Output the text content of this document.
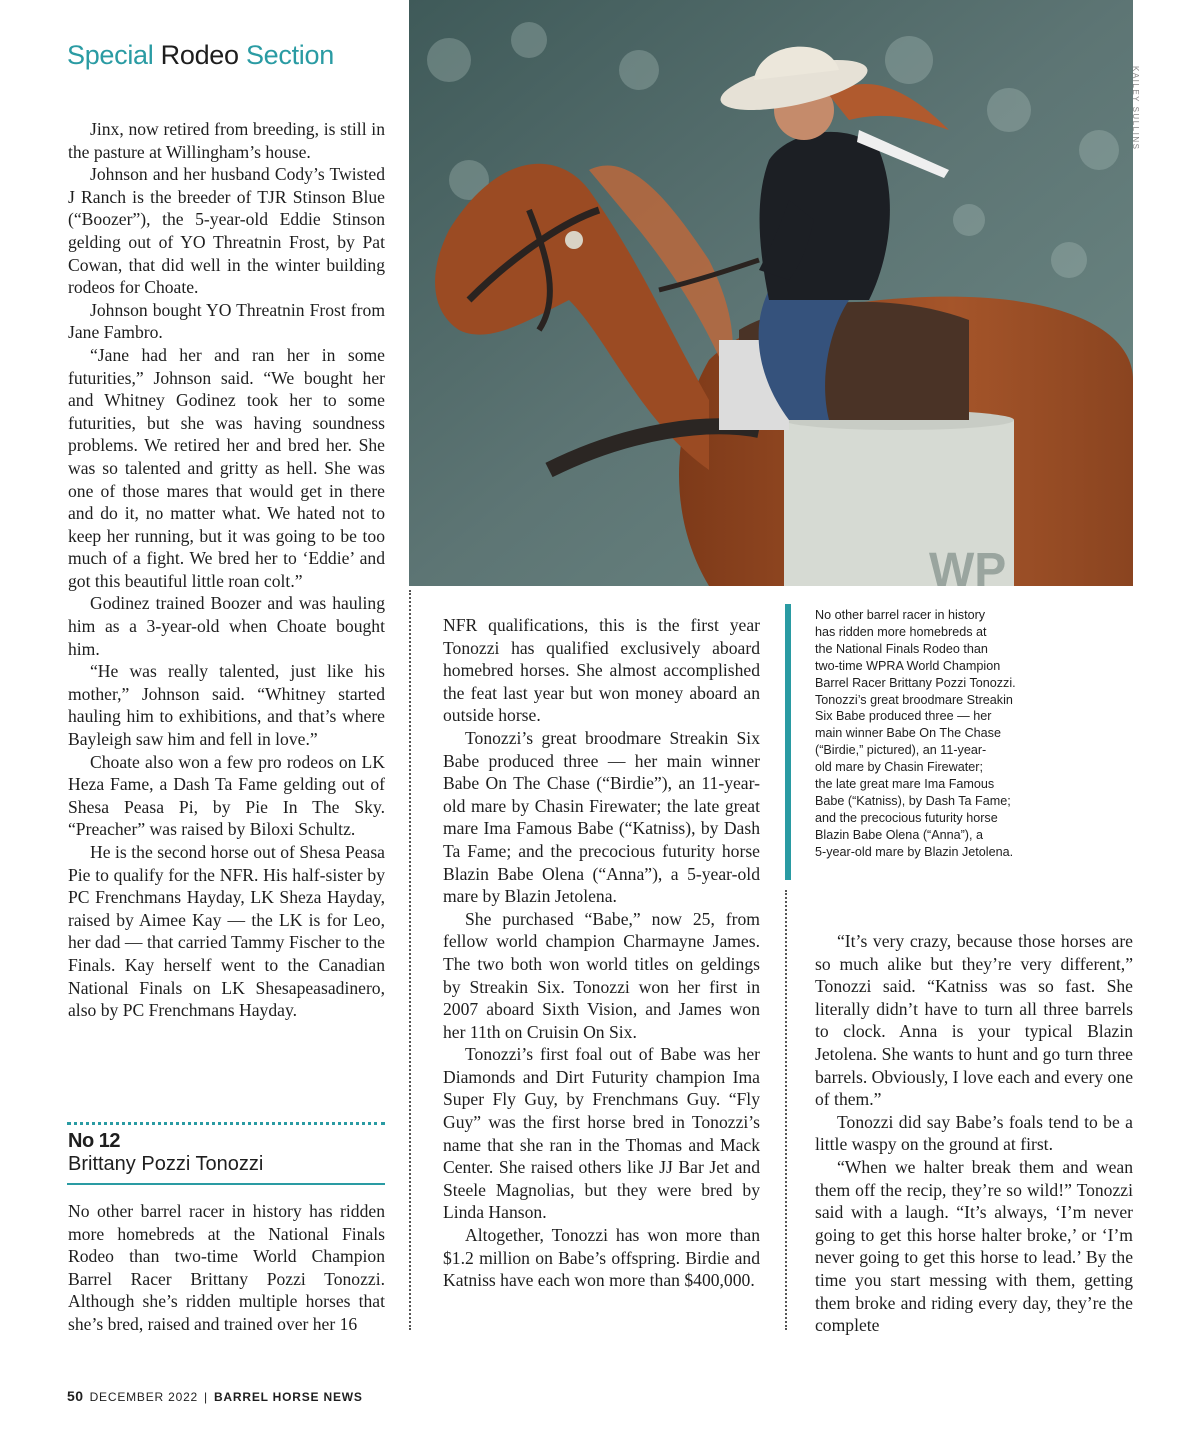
Special Rodeo Section

Jinx, now retired from breeding, is still in the pasture at Willingham’s house.

Johnson and her husband Cody’s Twisted J Ranch is the breeder of TJR Stinson Blue (“Boozer”), the 5-year-old Eddie Stinson gelding out of YO Threatnin Frost, by Pat Cowan, that did well in the winter building rodeos for Choate.

Johnson bought YO Threatnin Frost from Jane Fambro.

“Jane had her and ran her in some futurities,” Johnson said. “We bought her and Whitney Godinez took her to some futurities, but she was having soundness problems. We retired her and bred her. She was so talented and gritty as hell. She was one of those mares that would get in there and do it, no matter what. We hated not to keep her running, but it was going to be too much of a fight. We bred her to ‘Eddie’ and got this beautiful little roan colt.”

Godinez trained Boozer and was hauling him as a 3-year-old when Choate bought him.

“He was really talented, just like his mother,” Johnson said. “Whitney started hauling him to exhibitions, and that’s where Bayleigh saw him and fell in love.”

Choate also won a few pro rodeos on LK Heza Fame, a Dash Ta Fame gelding out of Shesa Peasa Pi, by Pie In The Sky. “Preacher” was raised by Biloxi Schultz.

He is the second horse out of Shesa Peasa Pie to qualify for the NFR. His half-sister by PC Frenchmans Hayday, LK Sheza Hayday, raised by Aimee Kay — the LK is for Leo, her dad — that carried Tammy Fischer to the Finals. Kay herself went to the Canadian National Finals on LK Shesapeasadinero, also by PC Frenchmans Hayday.

No 12
Brittany Pozzi Tonozzi

No other barrel racer in history has ridden more homebreds at the National Finals Rodeo than two-time World Champion Barrel Racer Brittany Pozzi Tonozzi. Although she’s ridden multiple horses that she’s bred, raised and trained over her 16

WP
KAILEY SULLINS

NFR qualifications, this is the first year Tonozzi has qualified exclusively aboard homebred horses. She almost accomplished the feat last year but won money aboard an outside horse.

Tonozzi’s great broodmare Streakin Six Babe produced three — her main winner Babe On The Chase (“Birdie”), an 11-year-old mare by Chasin Firewater; the late great mare Ima Famous Babe (“Katniss), by Dash Ta Fame; and the precocious futurity horse Blazin Babe Olena (“Anna”), a 5-year-old mare by Blazin Jetolena.

She purchased “Babe,” now 25, from fellow world champion Charmayne James. The two both won world titles on geldings by Streakin Six. Tonozzi won her first in 2007 aboard Sixth Vision, and James won her 11th on Cruisin On Six.

Tonozzi’s first foal out of Babe was her Diamonds and Dirt Futurity champion Ima Super Fly Guy, by Frenchmans Guy. “Fly Guy” was the first horse bred in Tonozzi’s name that she ran in the Thomas and Mack Center. She raised others like JJ Bar Jet and Steele Magnolias, but they were bred by Linda Hanson.

Altogether, Tonozzi has won more than $1.2 million on Babe’s offspring. Birdie and Katniss have each won more than $400,000.

No other barrel racer in history
has ridden more homebreds at
the National Finals Rodeo than
two-time WPRA World Champion
Barrel Racer Brittany Pozzi Tonozzi.
Tonozzi’s great broodmare Streakin
Six Babe produced three — her
main winner Babe On The Chase
(“Birdie,” pictured), an 11-year-
old mare by Chasin Firewater;
the late great mare Ima Famous
Babe (“Katniss), by Dash Ta Fame;
and the precocious futurity horse
Blazin Babe Olena (“Anna”), a
5-year-old mare by Blazin Jetolena.

“It’s very crazy, because those horses are so much alike but they’re very different,” Tonozzi said. “Katniss was so fast. She literally didn’t have to turn all three barrels to clock. Anna is your typical Blazin Jetolena. She wants to hunt and go turn three barrels. Obviously, I love each and every one of them.”

Tonozzi did say Babe’s foals tend to be a little waspy on the ground at first.

“When we halter break them and wean them off the recip, they’re so wild!” Tonozzi said with a laugh. “It’s always, ‘I’m never going to get this horse halter broke,’ or ‘I’m never going to get this horse to lead.’ By the time you start messing with them, getting them broke and riding every day, they’re the complete

50 DECEMBER 2022 | BARREL HORSE NEWS
